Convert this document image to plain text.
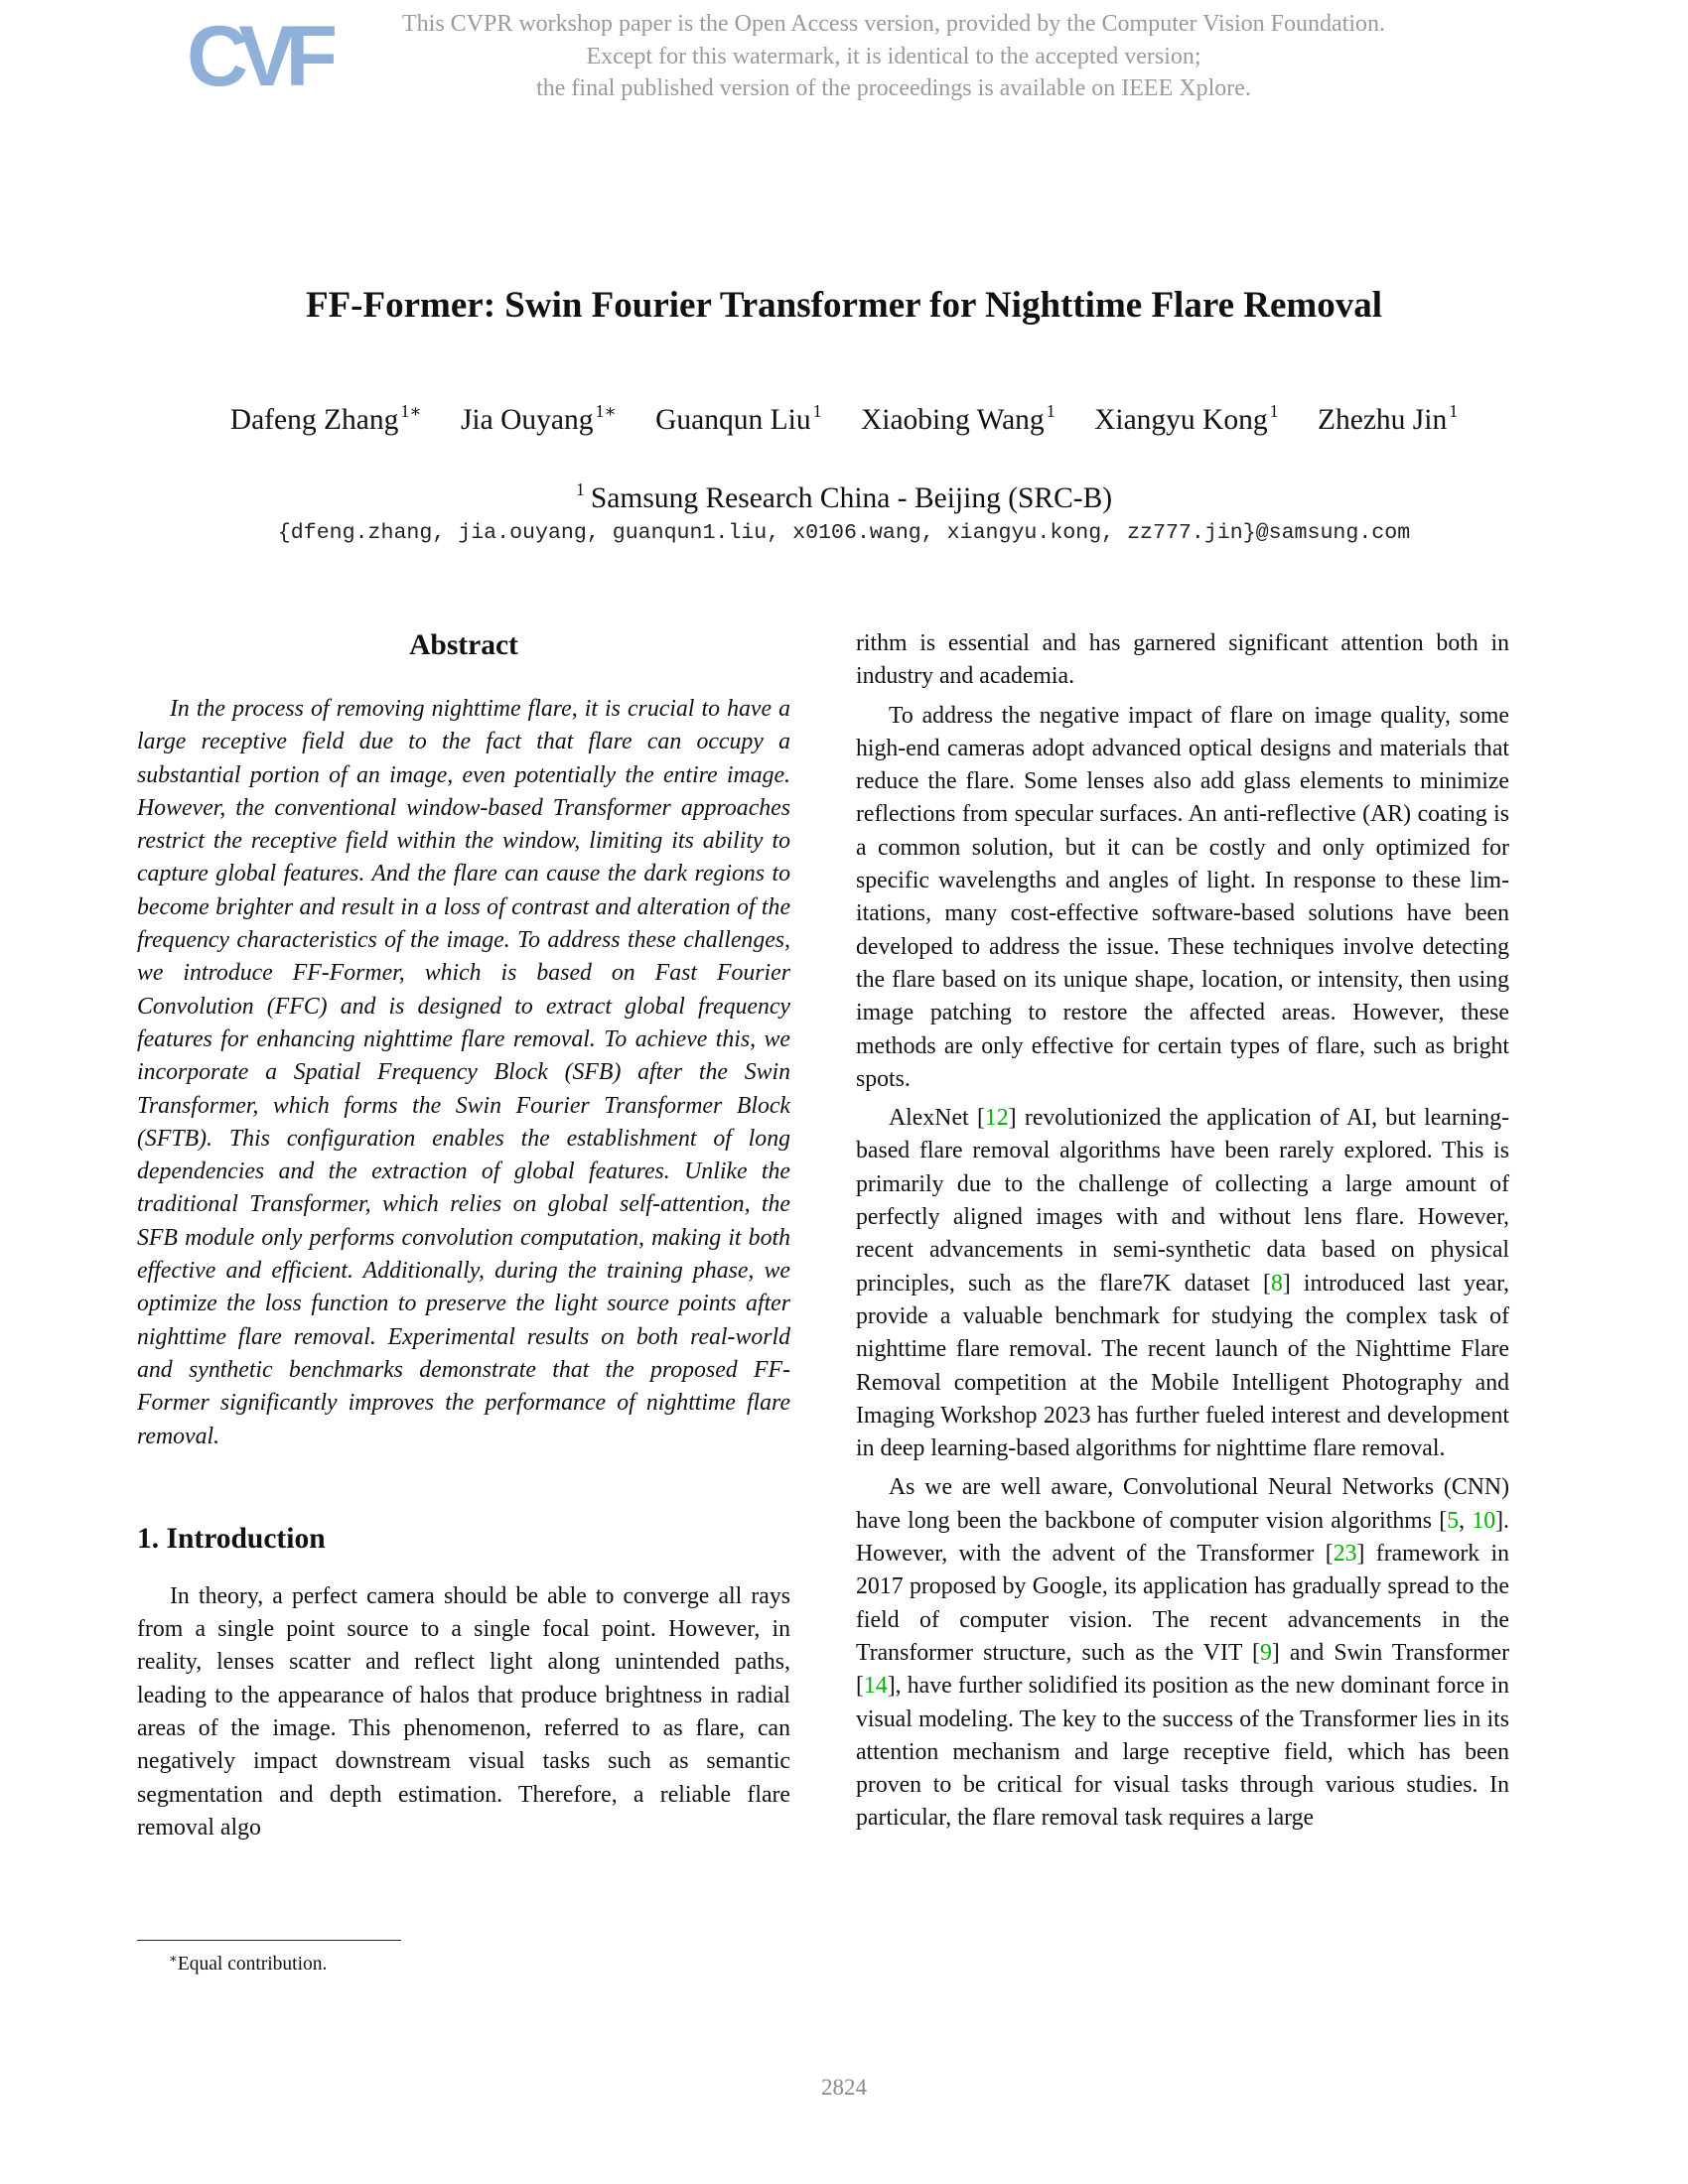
CVF	This CVPR workshop paper is the Open Access version, provided by the Computer Vision Foundation.
Except for this watermark, it is identical to the accepted version;
the final published version of the proceedings is available on IEEE Xplore.
FF-Former: Swin Fourier Transformer for Nighttime Flare Removal
Dafeng Zhang $^{1∗}$ Jia Ouyang $^{1∗}$ Guanqun Liu $^1$ Xiaobing Wang $^1$ Xiangyu Kong $^1$ Zhezhu Jin $^1$
$^1$ Samsung Research China - Beijing (SRC-B)
{dfeng.zhang, jia.ouyang, guanqun1.liu, x0106.wang, xiangyu.kong, zz777.jin}@samsung.com
Abstract

In the process of removing nighttime flare, it is crucial to have a large receptive field due to the fact that flare can occupy a substantial portion of an image, even potentially the entire image. However, the conventional window-based Transformer approaches restrict the receptive field within the window, limiting its ability to capture global features. And the flare can cause the dark regions to become brighter and result in a loss of contrast and alteration of the frequency characteristics of the image. To address these challenges, we introduce FF-Former, which is based on Fast Fourier Convolution (FFC) and is designed to extract global frequency features for enhancing nighttime flare removal. To achieve this, we incorporate a Spatial Frequency Block (SFB) after the Swin Transformer, which forms the Swin Fourier Transformer Block (SFTB). This configuration enables the establishment of long dependencies and the extraction of global features. Unlike the traditional Transformer, which relies on global self-attention, the SFB module only performs convolution computation, making it both effective and efficient. Additionally, during the training phase, we optimize the loss function to preserve the light source points after nighttime flare removal. Experimental results on both real-world and synthetic benchmarks demonstrate that the proposed FF-Former significantly improves the performance of nighttime flare removal.

1. Introduction

In theory, a perfect camera should be able to converge all rays from a single point source to a single focal point. However, in reality, lenses scatter and reflect light along unintended paths, leading to the appearance of halos that produce brightness in radial areas of the image. This phenomenon, referred to as flare, can negatively impact downstream visual tasks such as semantic segmentation and depth estimation. Therefore, a reliable flare removal algo

rithm is essential and has garnered significant attention both in industry and academia.

To address the negative impact of flare on image quality, some high-end cameras adopt advanced optical designs and materials that reduce the flare. Some lenses also add glass elements to minimize reflections from specular surfaces. An anti-reflective (AR) coating is a common solution, but it can be costly and only optimized for specific wavelengths and angles of light. In response to these limitations, many cost-effective software-based solutions have been developed to address the issue. These techniques involve detecting the flare based on its unique shape, location, or intensity, then using image patching to restore the affected areas. However, these methods are only effective for certain types of flare, such as bright spots.

AlexNet [12] revolutionized the application of AI, but learning-based flare removal algorithms have been rarely explored. This is primarily due to the challenge of collecting a large amount of perfectly aligned images with and without lens flare. However, recent advancements in semi-synthetic data based on physical principles, such as the flare7K dataset [8] introduced last year, provide a valuable benchmark for studying the complex task of nighttime flare removal. The recent launch of the Nighttime Flare Removal competition at the Mobile Intelligent Photography and Imaging Workshop 2023 has further fueled interest and development in deep learning-based algorithms for nighttime flare removal.

As we are well aware, Convolutional Neural Networks (CNN) have long been the backbone of computer vision algorithms [5, 10]. However, with the advent of the Transformer [23] framework in 2017 proposed by Google, its application has gradually spread to the field of computer vision. The recent advancements in the Transformer structure, such as the VIT [9] and Swin Transformer [14], have further solidified its position as the new dominant force in visual modeling. The key to the success of the Transformer lies in its attention mechanism and large receptive field, which has been proven to be critical for visual tasks through various studies. In particular, the flare removal task requires a large

∗Equal contribution.
2824
